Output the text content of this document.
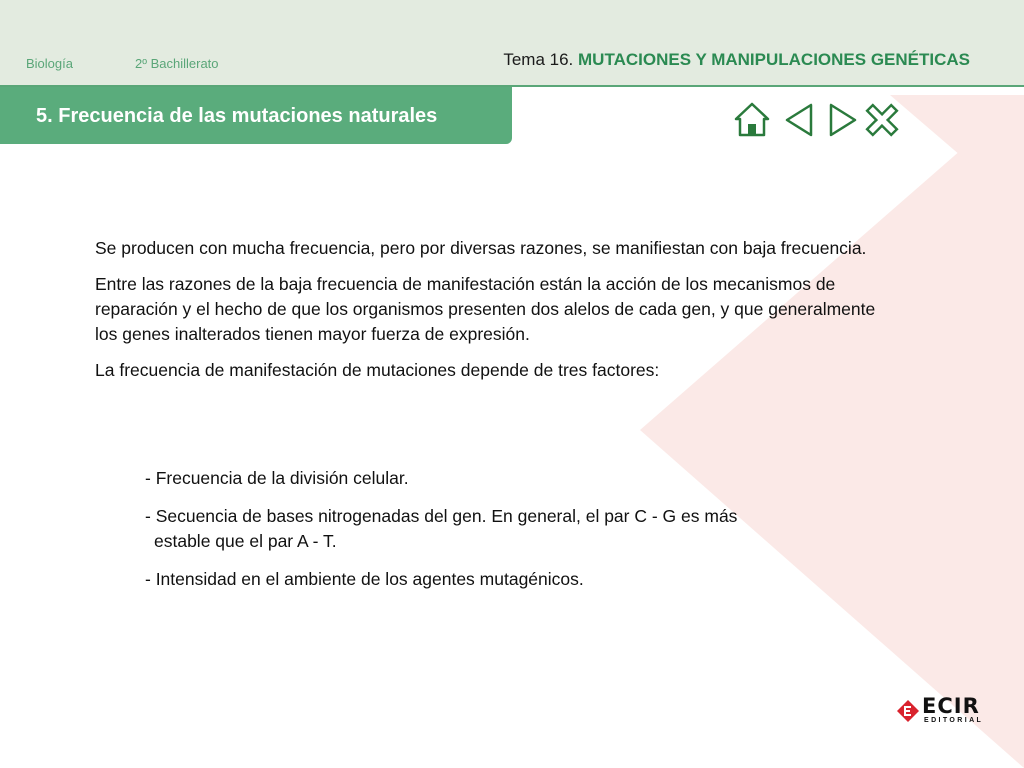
Biología	2º Bachillerato	Tema 16. MUTACIONES Y MANIPULACIONES GENÉTICAS
5. Frecuencia de las mutaciones naturales

Se producen con mucha frecuencia, pero por diversas razones, se manifiestan con baja frecuencia.

Entre las razones de la baja frecuencia de manifestación están la acción de los mecanismos de reparación y el hecho de que los organismos presenten dos alelos de cada gen, y que generalmente los genes inalterados tienen mayor fuerza de expresión.

La frecuencia de manifestación de mutaciones depende de tres factores:

- Frecuencia de la división celular.
- Secuencia de bases nitrogenadas del gen. En general, el par C - G es más
estable que el par A - T.
- Intensidad en el ambiente de los agentes mutagénicos.
ECIR
EDITORIAL
